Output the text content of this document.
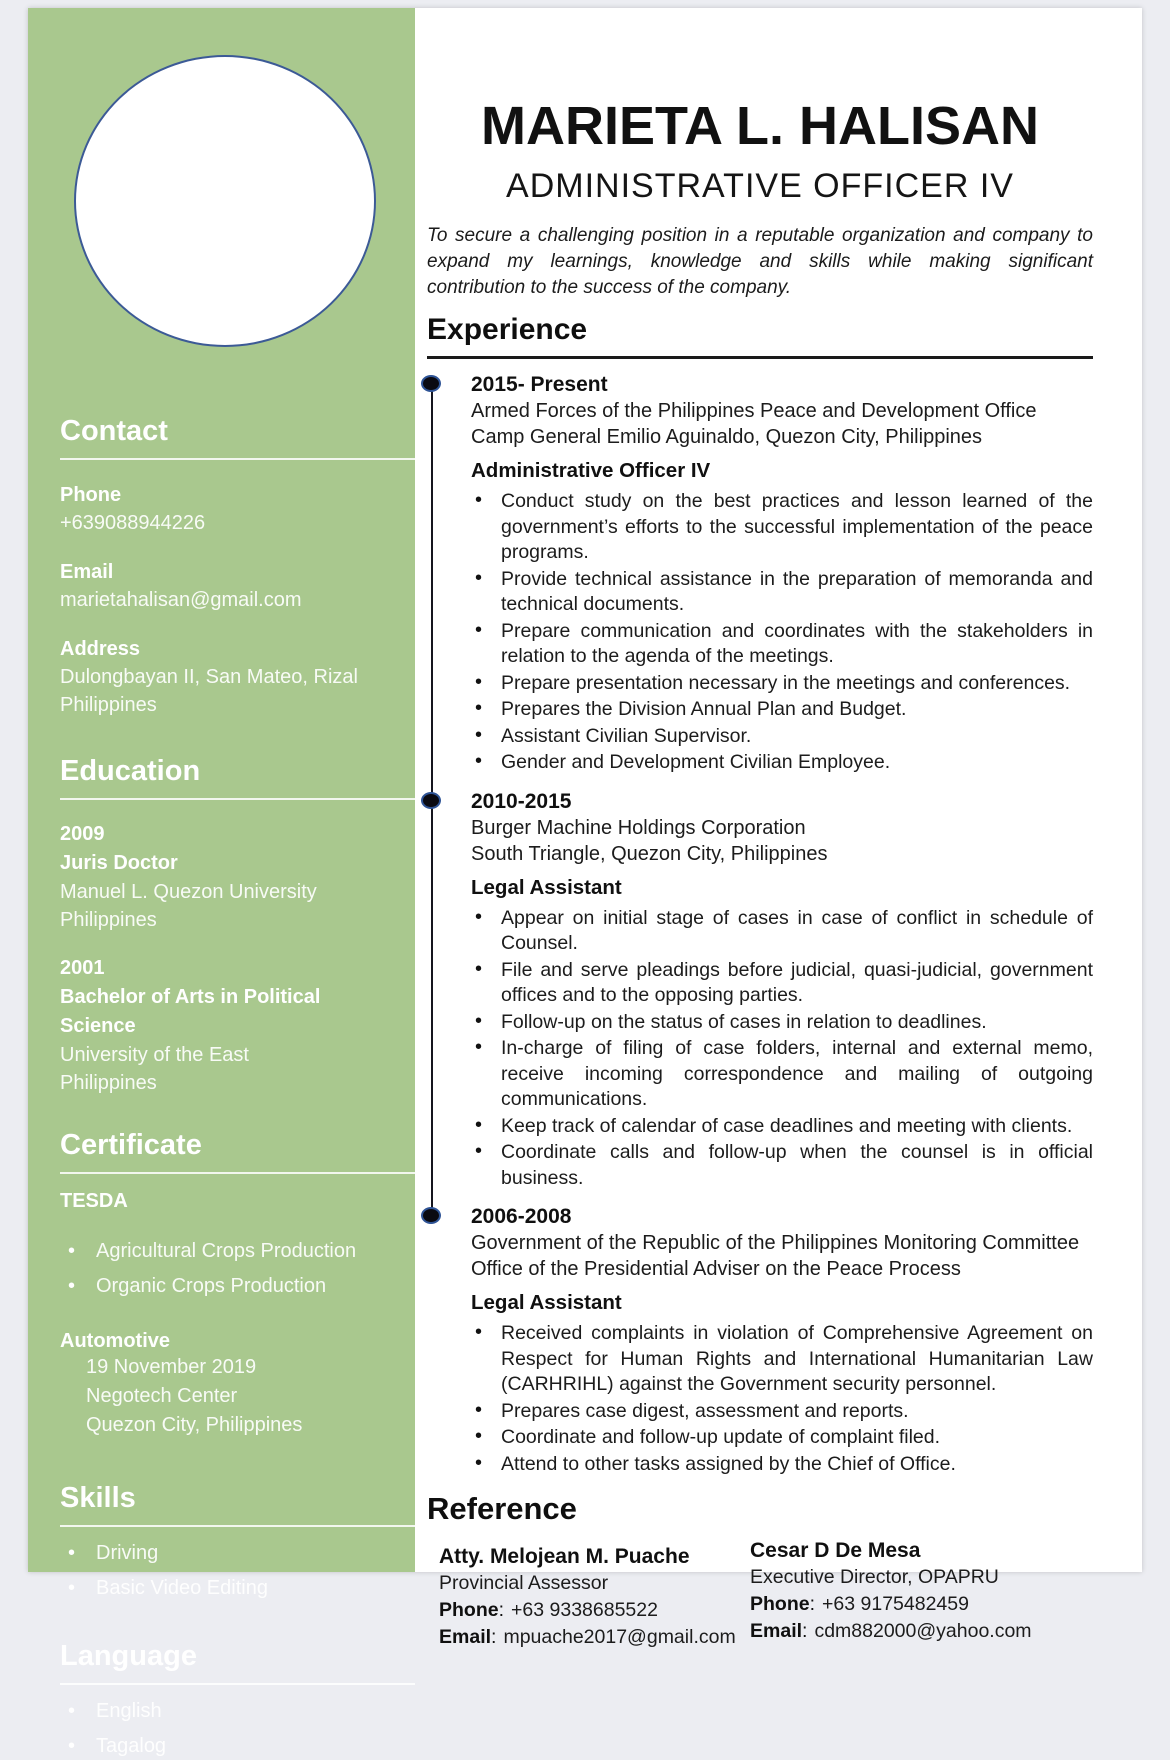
Contact
Phone
+639088944226
Email
marietahalisan@gmail.com
Address
Dulongbayan II, San Mateo, Rizal
Philippines
Education
2009
Juris Doctor
Manuel L. Quezon University
Philippines
2001
Bachelor of Arts in Political Science
University of the East
Philippines
Certificate
TESDA
• Agricultural Crops Production
• Organic Crops Production
Automotive
19 November 2019
Negotech Center
Quezon City, Philippines
Skills
• Driving
• Basic Video Editing
Language
• English
• Tagalog
MARIETA L. HALISAN
ADMINISTRATIVE OFFICER IV

To secure a challenging position in a reputable organization and company to expand my learnings, knowledge and skills while making significant contribution to the success of the company.

Experience
2015- Present
Armed Forces of the Philippines Peace and Development Office
Camp General Emilio Aguinaldo, Quezon City, Philippines
Administrative Officer IV
• Conduct study on the best practices and lesson learned of the government’s efforts to the successful implementation of the peace programs.
• Provide technical assistance in the preparation of memoranda and technical documents.
• Prepare communication and coordinates with the stakeholders in relation to the agenda of the meetings.
• Prepare presentation necessary in the meetings and conferences.
• Prepares the Division Annual Plan and Budget.
• Assistant Civilian Supervisor.
• Gender and Development Civilian Employee.
2010-2015
Burger Machine Holdings Corporation
South Triangle, Quezon City, Philippines
Legal Assistant
• Appear on initial stage of cases in case of conflict in schedule of Counsel.
• File and serve pleadings before judicial, quasi-judicial, government offices and to the opposing parties.
• Follow-up on the status of cases in relation to deadlines.
• In-charge of filing of case folders, internal and external memo, receive incoming correspondence and mailing of outgoing communications.
• Keep track of calendar of case deadlines and meeting with clients.
• Coordinate calls and follow-up when the counsel is in official business.
2006-2008
Government of the Republic of the Philippines Monitoring Committee
Office of the Presidential Adviser on the Peace Process
Legal Assistant
• Received complaints in violation of Comprehensive Agreement on Respect for Human Rights and International Humanitarian Law (CARHRIHL) against the Government security personnel.
• Prepares case digest, assessment and reports.
• Coordinate and follow-up update of complaint filed.
• Attend to other tasks assigned by the Chief of Office.
Reference
Atty. Melojean M. Puache
Provincial Assessor
Phone : +63 9338685522
Email : mpuache2017@gmail.com
Cesar D De Mesa
Executive Director, OPAPRU
Phone : +63 9175482459
Email : cdm882000@yahoo.com
